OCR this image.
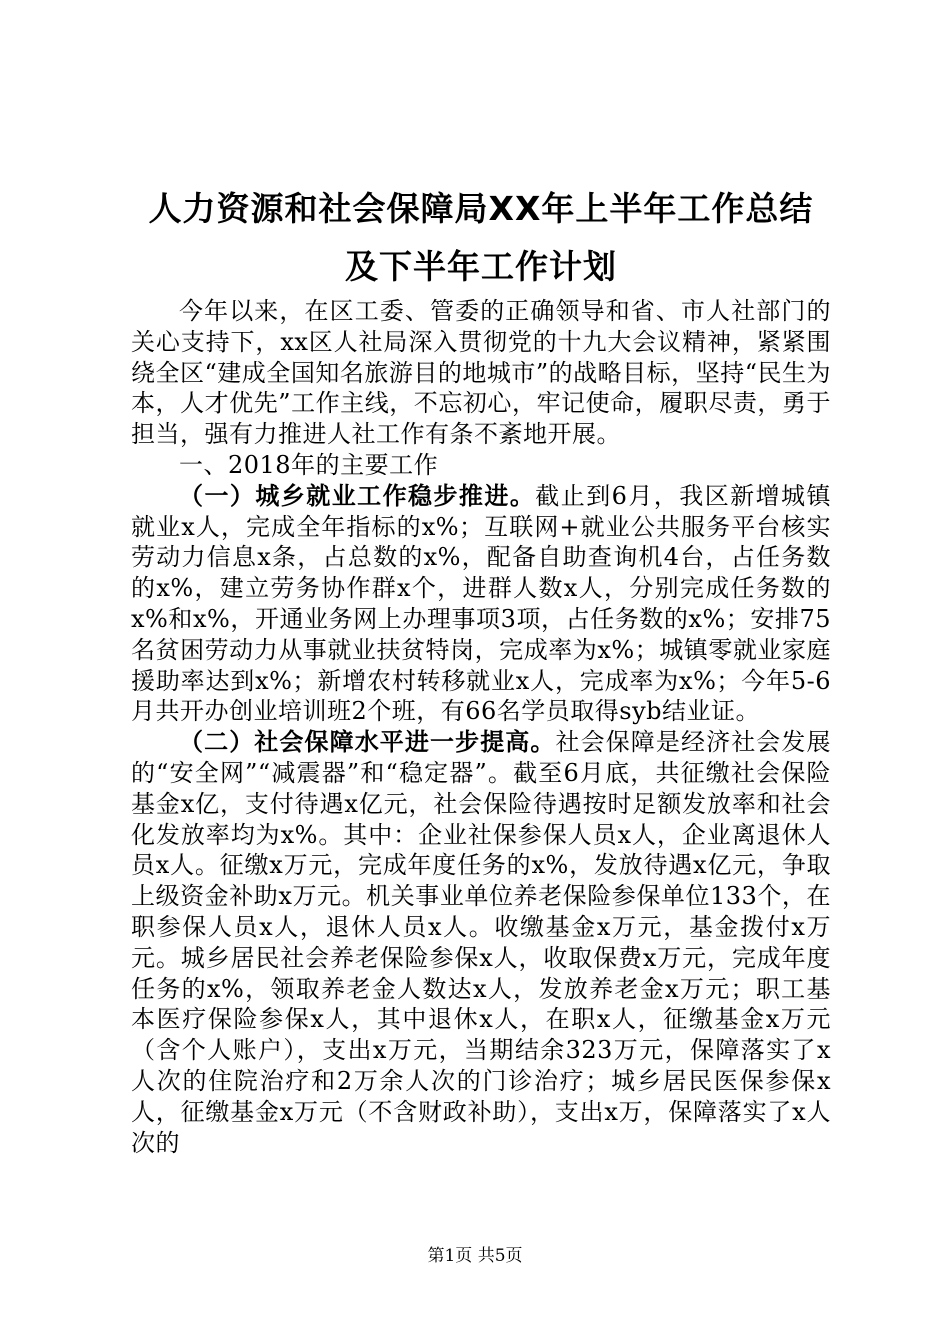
人力资源和社会保障局XX年上半年工作总结
及下半年工作计划

今年以来，在区工委、管委的正确领导和省、市人社部门的关心支持下，xx区人社局深入贯彻党的十九大会议精神，紧紧围绕全区“建成全国知名旅游目的地城市”的战略目标，坚持“民生为本，人才优先”工作主线，不忘初心，牢记使命，履职尽责，勇于担当，强有力推进人社工作有条不紊地开展。

一、2018年的主要工作

（一）城乡就业工作稳步推进。截止到6月，我区新增城镇就业x人，完成全年指标的x%；互联网+就业公共服务平台核实劳动力信息x条，占总数的x%，配备自助查询机4台，占任务数的x%，建立劳务协作群x个，进群人数x人，分别完成任务数的x%和x%，开通业务网上办理事项3项，占任务数的x%；安排75名贫困劳动力从事就业扶贫特岗，完成率为x%；城镇零就业家庭援助率达到x%；新增农村转移就业x人，完成率为x%；今年5-6月共开办创业培训班2个班，有66名学员取得syb结业证。

（二）社会保障水平进一步提高。社会保障是经济社会发展的“安全网”“减震器”和“稳定器”。截至6月底，共征缴社会保险基金x亿，支付待遇x亿元，社会保险待遇按时足额发放率和社会化发放率均为x%。其中：企业社保参保人员x人，企业离退休人员x人。征缴x万元，完成年度任务的x%，发放待遇x亿元，争取上级资金补助x万元。机关事业单位养老保险参保单位133个，在职参保人员x人，退休人员x人。收缴基金x万元，基金拨付x万元。城乡居民社会养老保险参保x人，收取保费x万元，完成年度任务的x%，领取养老金人数达x人，发放养老金x万元；职工基本医疗保险参保x人，其中退休x人，在职x人，征缴基金x万元（含个人账户），支出x万元，当期结余323万元，保障落实了x人次的住院治疗和2万余人次的门诊治疗；城乡居民医保参保x人，征缴基金x万元（不含财政补助），支出x万，保障落实了x人次的

第1页 共5页
